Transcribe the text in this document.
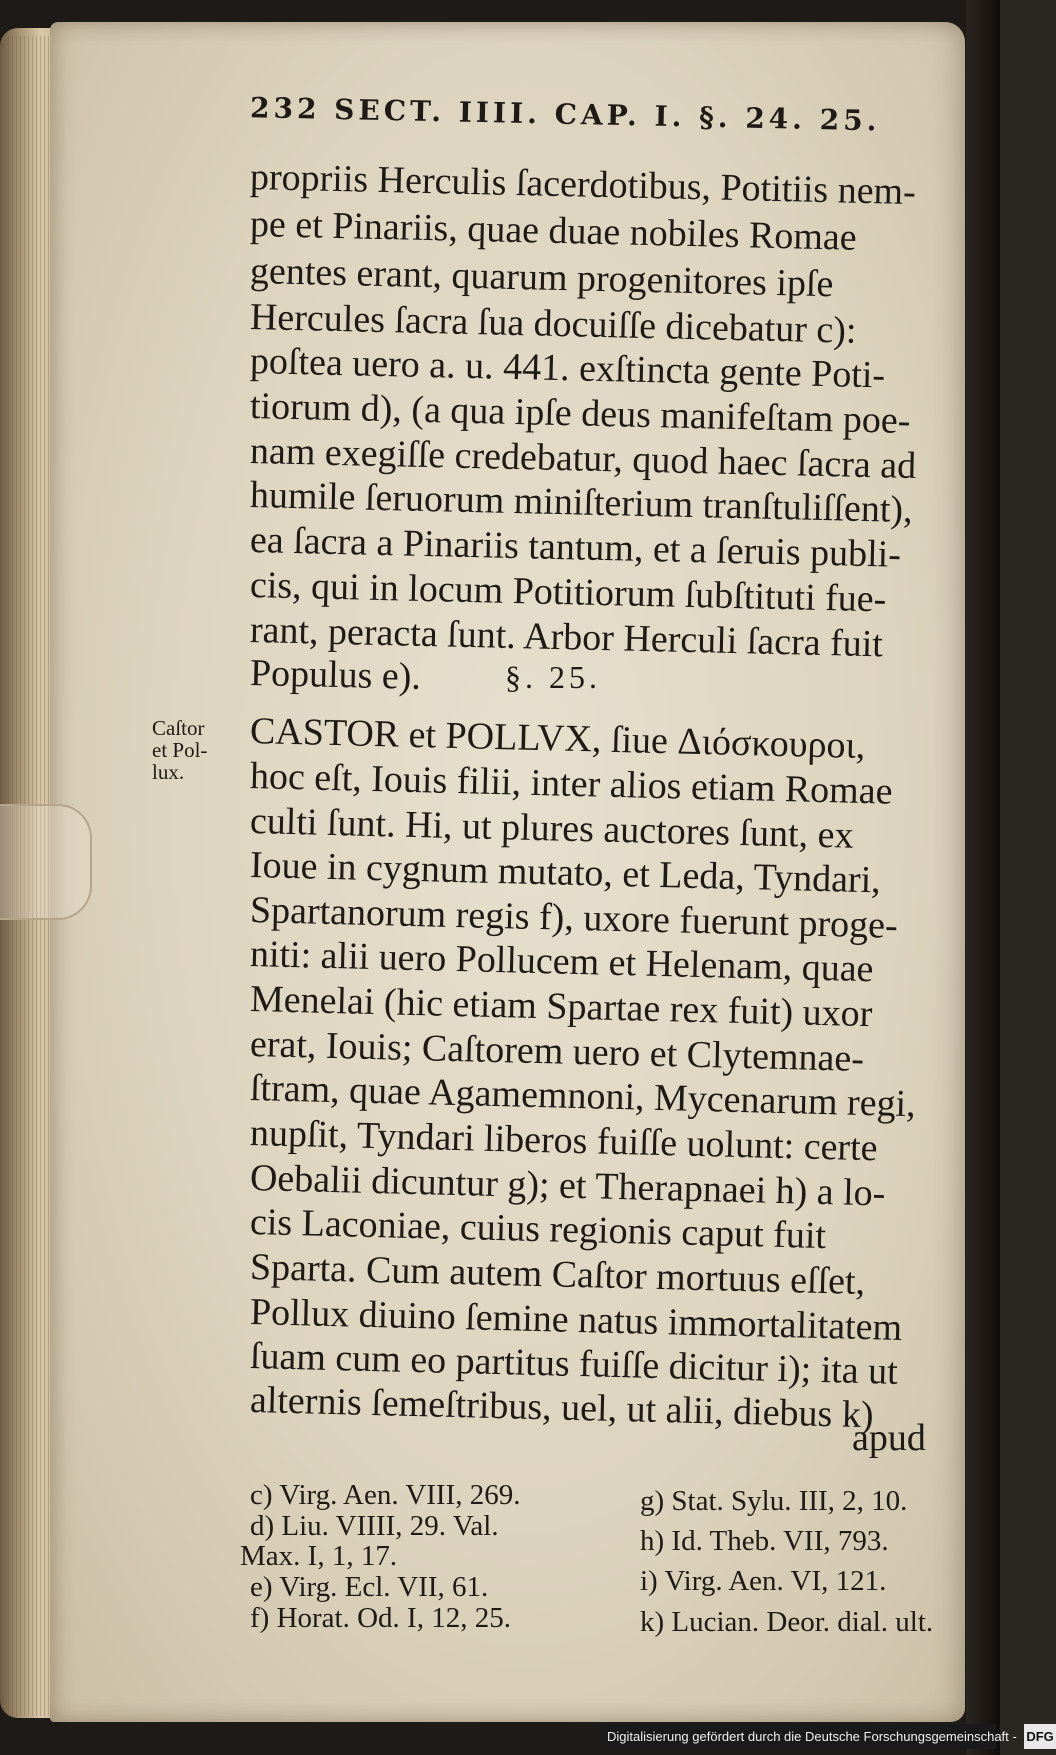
232 SECT. IIII. CAP. I. §. 24. 25.
propriis Herculis ſacerdotibus, Potitiis nem-
pe et Pinariis, quae duae nobiles Romae
gentes erant, quarum progenitores ipſe
Hercules ſacra ſua docuiſſe dicebatur c):
poſtea uero a. u. 441. exſtincta gente Poti-
tiorum d), (a qua ipſe deus manifeſtam poe-
nam exegiſſe credebatur, quod haec ſacra ad
humile ſeruorum miniſterium tranſtuliſſent),
ea ſacra a Pinariis tantum, et a ſeruis publi-
cis, qui in locum Potitiorum ſubſtituti fue-
rant, peracta ſunt. Arbor Herculi ſacra fuit
Populus e).	§. 25.
Caſtor
et Pol-
lux.
CASTOR et POLLVX, ſiue Διόσκουροι,
hoc eſt, Iouis filii, inter alios etiam Romae
culti ſunt. Hi, ut plures auctores ſunt, ex
Ioue in cygnum mutato, et Leda, Tyndari,
Spartanorum regis f), uxore fuerunt proge-
niti: alii uero Pollucem et Helenam, quae
Menelai (hic etiam Spartae rex fuit) uxor
erat, Iouis; Caſtorem uero et Clytemnae-
ſtram, quae Agamemnoni, Mycenarum regi,
nupſit, Tyndari liberos fuiſſe uolunt: certe
Oebalii dicuntur g); et Therapnaei h) a lo-
cis Laconiae, cuius regionis caput fuit
Sparta. Cum autem Caſtor mortuus eſſet,
Pollux diuino ſemine natus immortalitatem
ſuam cum eo partitus fuiſſe dicitur i); ita ut
alternis ſemeſtribus, uel, ut alii, diebus k)
apud
c) Virg. Aen. VIII, 269.
d) Liu. VIIII, 29. Val.
Max. I, 1, 17.
e) Virg. Ecl. VII, 61.
f) Horat. Od. I, 12, 25.
g) Stat. Sylu. III, 2, 10.
h) Id. Theb. VII, 793.
i) Virg. Aen. VI, 121.
k) Lucian. Deor. dial. ult.
Digitalisierung gefördert durch die Deutsche Forschungsgemeinschaft - DFG
